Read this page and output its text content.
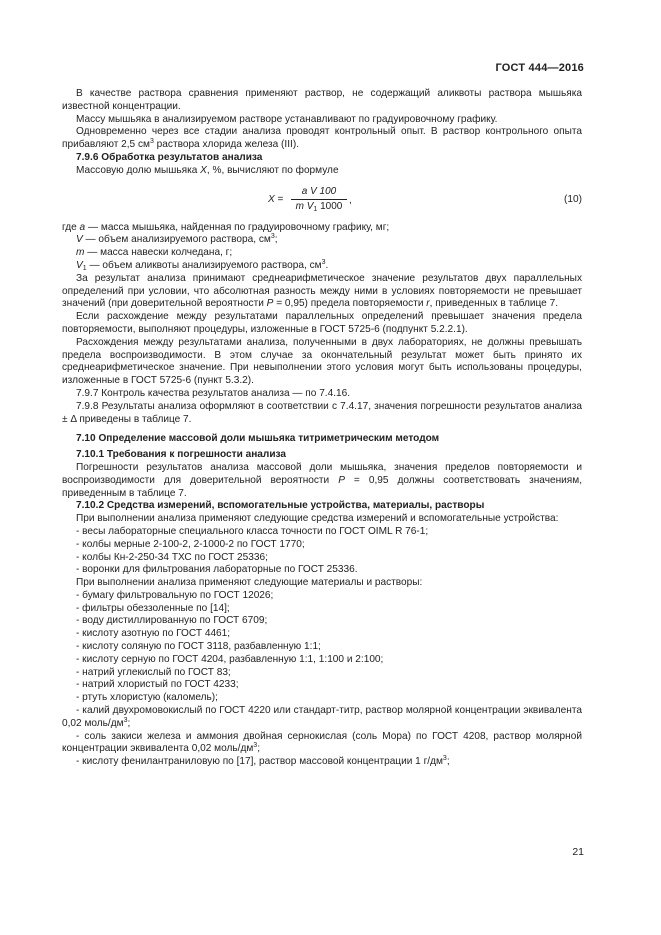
ГОСТ 444—2016

В качестве раствора сравнения применяют раствор, не содержащий аликвоты раствора мышьяка известной концентрации.

Массу мышьяка в анализируемом растворе устанавливают по градуировочному графику.

Одновременно через все стадии анализа проводят контрольный опыт. В раствор контрольного опыта прибавляют 2,5 $см^3$ раствора хлорида железа (III).

7.9.6 Обработка результатов анализа

Массовую долю мышьяка X, %, вычисляют по формуле

$X = \frac{\text{a V 100}}{m V_1 1000}$ ,	(10)

где a — масса мышьяка, найденная по градуировочному графику, мг;

V — объем анализируемого раствора, $см^3$;

m — масса навески колчедана, г;

$V_1$ — объем аликвоты анализируемого раствора, $см^3$.

За результат анализа принимают среднеарифметическое значение результатов двух параллельных определений при условии, что абсолютная разность между ними в условиях повторяемости не превышает значений (при доверительной вероятности P = 0,95) предела повторяемости r, приведенных в таблице 7.

Если расхождение между результатами параллельных определений превышает значения предела повторяемости, выполняют процедуры, изложенные в ГОСТ 5725-6 (подпункт 5.2.2.1).

Расхождения между результатами анализа, полученными в двух лабораториях, не должны превышать предела воспроизводимости. В этом случае за окончательный результат может быть принято их среднеарифметическое значение. При невыполнении этого условия могут быть использованы процедуры, изложенные в ГОСТ 5725-6 (пункт 5.3.2).

7.9.7 Контроль качества результатов анализа — по 7.4.16.

7.9.8 Результаты анализа оформляют в соответствии с 7.4.17, значения погрешности результатов анализа ± Δ приведены в таблице 7.

7.10 Определение массовой доли мышьяка титриметрическим методом

7.10.1 Требования к погрешности анализа

Погрешности результатов анализа массовой доли мышьяка, значения пределов повторяемости и воспроизводимости для доверительной вероятности P = 0,95 должны соответствовать значениям, приведенным в таблице 7.

7.10.2 Средства измерений, вспомогательные устройства, материалы, растворы

При выполнении анализа применяют следующие средства измерений и вспомогательные устройства:

- весы лабораторные специального класса точности по ГОСТ OIML R 76-1;

- колбы мерные 2-100-2, 2-1000-2 по ГОСТ 1770;

- колбы Кн-2-250-34 ТХС по ГОСТ 25336;

- воронки для фильтрования лабораторные по ГОСТ 25336.

При выполнении анализа применяют следующие материалы и растворы:

- бумагу фильтровальную по ГОСТ 12026;

- фильтры обеззоленные по [14];

- воду дистиллированную по ГОСТ 6709;

- кислоту азотную по ГОСТ 4461;

- кислоту соляную по ГОСТ 3118, разбавленную 1:1;

- кислоту серную по ГОСТ 4204, разбавленную 1:1, 1:100 и 2:100;

- натрий углекислый по ГОСТ 83;

- натрий хлористый по ГОСТ 4233;

- ртуть хлористую (каломель);

- калий двухромовокислый по ГОСТ 4220 или стандарт-титр, раствор молярной концентрации эквивалента 0,02 моль/$дм^3$;

- соль закиси железа и аммония двойная сернокислая (соль Мора) по ГОСТ 4208, раствор молярной концентрации эквивалента 0,02 моль/$дм^3$;

- кислоту фенилантраниловую по [17], раствор массовой концентрации 1 $г/дм^3$;

21
